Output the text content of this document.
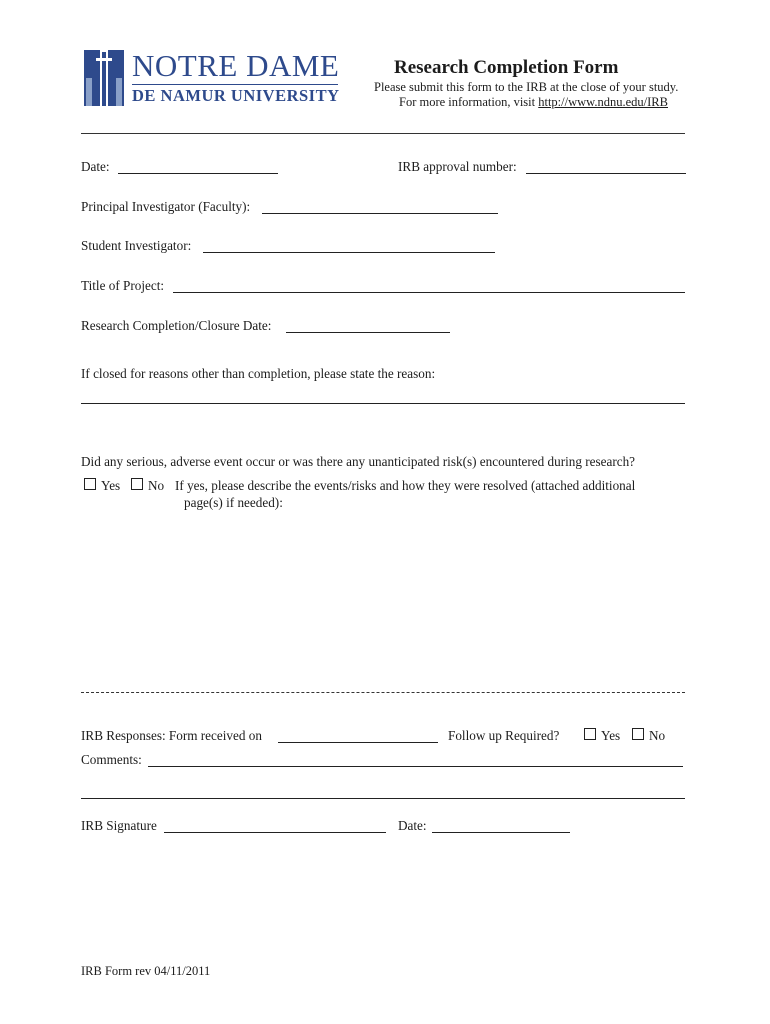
NOTRE DAME
DE NAMUR UNIVERSITY
Research Completion Form
Please submit this form to the IRB at the close of your study.
For more information, visit http://www.ndnu.edu/IRB
Date:	IRB approval number:
Principal Investigator (Faculty):
Student Investigator:
Title of Project:
Research Completion/Closure Date:
If closed for reasons other than completion, please state the reason:
Did any serious, adverse event occur or was there any unanticipated risk(s) encountered during research?
Yes No If yes, please describe the events/risks and how they were resolved (attached additional
page(s) if needed):
IRB Responses: Form received on	Follow up Required?	Yes No
Comments:
IRB Signature	Date:
IRB Form rev 04/11/2011
